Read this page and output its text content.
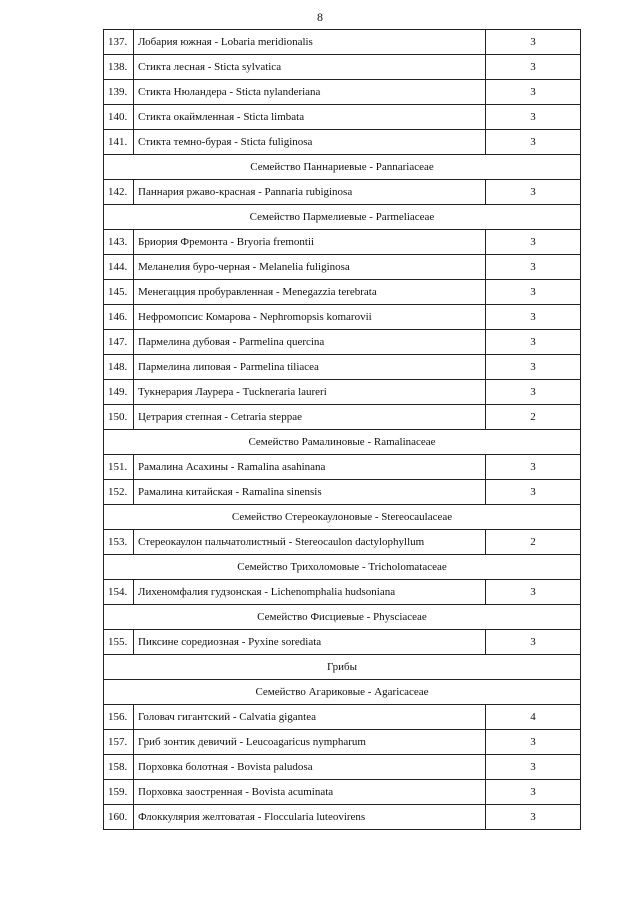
8
137.	Лобария южная - Lobaria meridionalis	3
138.	Стикта лесная - Sticta sylvatica	3
139.	Стикта Нюландера - Sticta nylanderiana	3
140.	Стикта окаймленная - Sticta limbata	3
141.	Стикта темно-бурая - Sticta fuliginosa	3
Семейство Паннариевые - Pannariaceae		
142.	Паннария ржаво-красная - Pannaria rubiginosa	3
Семейство Пармелиевые - Parmeliaceae		
143.	Бриория Фремонта - Bryoria fremontii	3
144.	Меланелия буро-черная - Melanelia fuliginosa	3
145.	Менегацция пробуравленная - Menegazzia terebrata	3
146.	Нефромопсис Комарова - Nephromopsis komarovii	3
147.	Пармелина дубовая - Parmelina quercina	3
148.	Пармелина липовая - Parmelina tiliacea	3
149.	Тукнерария Лаурера - Tuckneraria laureri	3
150.	Цетрария степная - Cetraria steppae	2
Семейство Рамалиновые - Ramalinaceae		
151.	Рамалина Асахины - Ramalina asahinana	3
152.	Рамалина китайская - Ramalina sinensis	3
Семейство Стереокаулоновые - Stereocaulaceae		
153.	Стереокаулон пальчатолистный - Stereocaulon dactylophyllum	2
Семейство Трихоломовые - Tricholomataceae		
154.	Лихеномфалия гудзонская - Lichenomphalia hudsoniana	3
Семейство Фисциевые - Physciaceae		
155.	Пиксине соредиозная - Pyxine sorediata	3
Грибы		
Семейство Агариковые - Agaricaceae		
156.	Головач гигантский - Calvatia gigantea	4
157.	Гриб зонтик девичий - Leucoagaricus nympharum	3
158.	Порховка болотная - Bovista paludosa	3
159.	Порховка заостренная - Bovista acuminata	3
160.	Флоккулярия желтоватая - Floccularia luteovirens	3
